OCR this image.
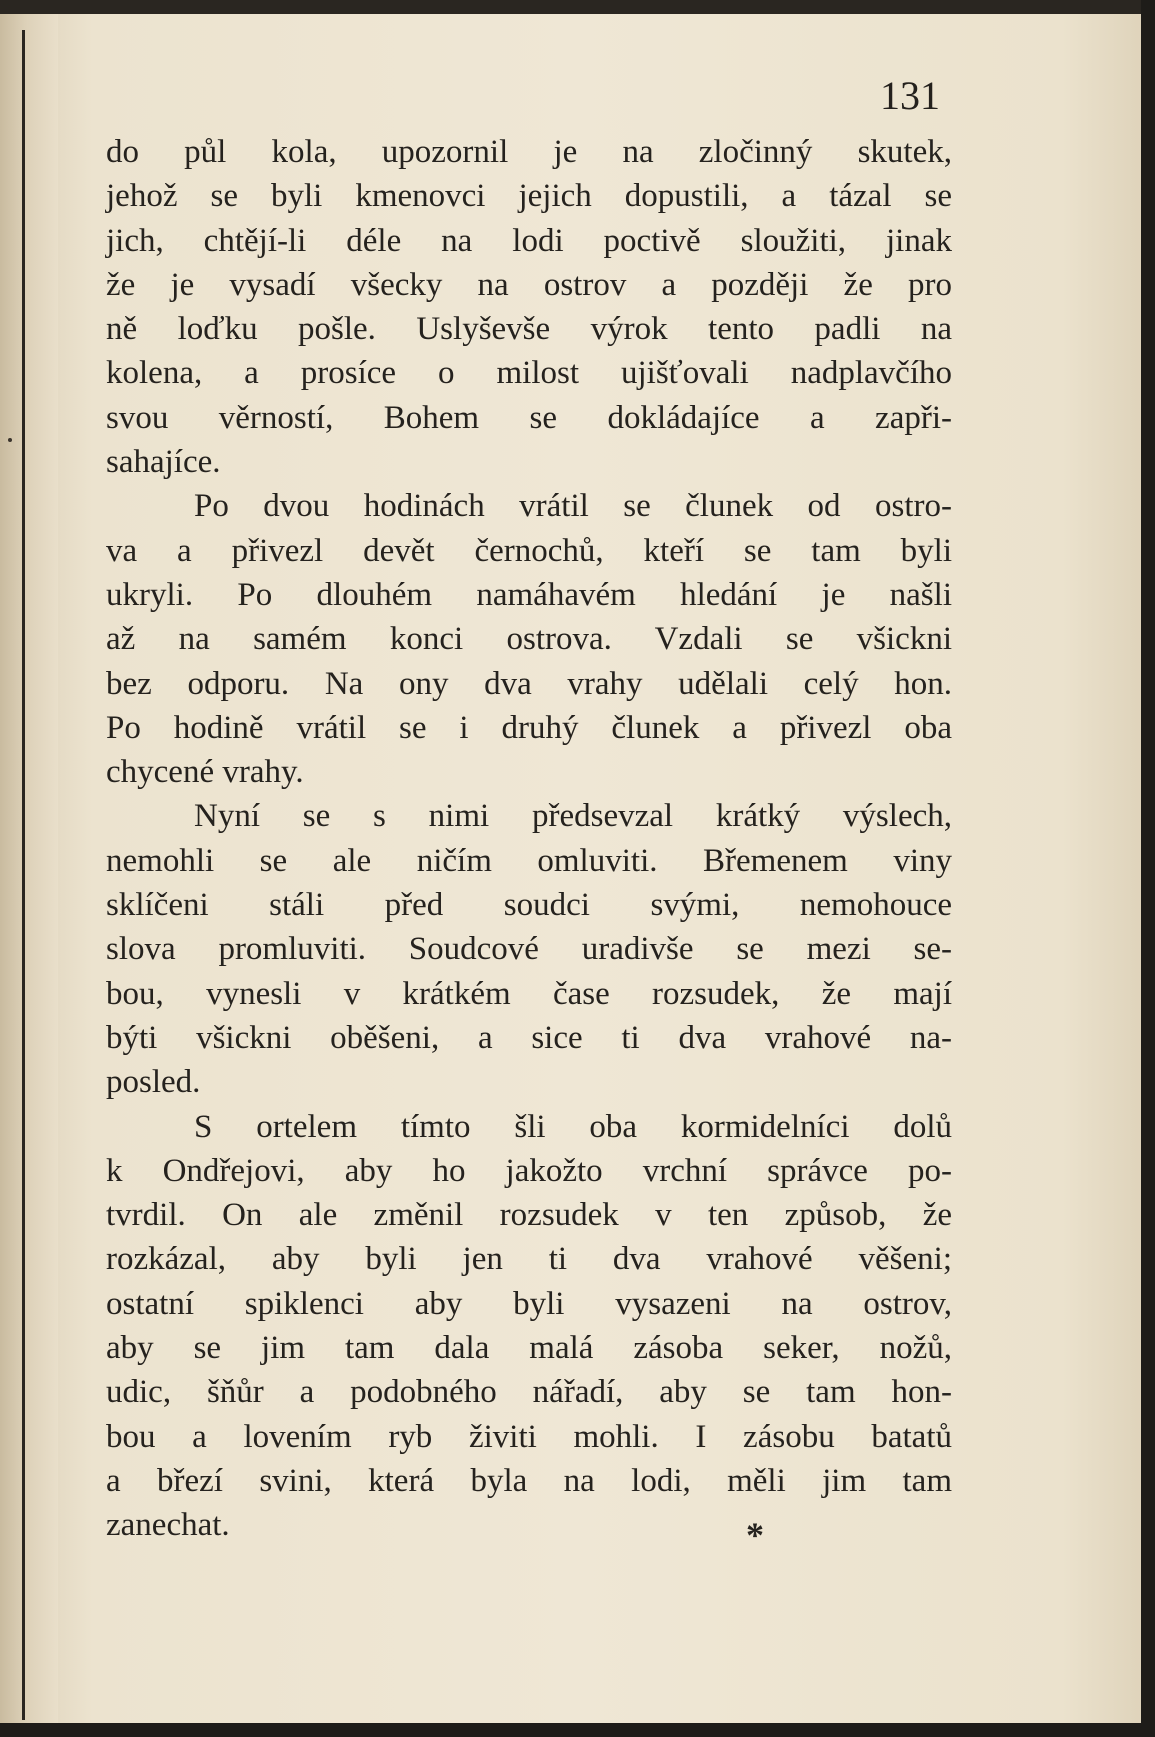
131
do půl kola, upozornil je na zločinný skutek,
jehož se byli kmenovci jejich dopustili, a tázal se
jich, chtějí-li déle na lodi poctivě sloužiti, jinak
že je vysadí všecky na ostrov a později že pro
ně loďku pošle. Uslyševše výrok tento padli na
kolena, a prosíce o milost ujišťovali nadplavčího
svou věrností, Bohem se dokládajíce a zapři-
sahajíce.
Po dvou hodinách vrátil se člunek od ostro-
va a přivezl devět černochů, kteří se tam byli
ukryli. Po dlouhém namáhavém hledání je našli
až na samém konci ostrova. Vzdali se všickni
bez odporu. Na ony dva vrahy udělali celý hon.
Po hodině vrátil se i druhý člunek a přivezl oba
chycené vrahy.
Nyní se s nimi předsevzal krátký výslech,
nemohli se ale ničím omluviti. Břemenem viny
sklíčeni stáli před soudci svými, nemohouce
slova promluviti. Soudcové uradivše se mezi se-
bou, vynesli v krátkém čase rozsudek, že mají
býti všickni oběšeni, a sice ti dva vrahové na-
posled.
S ortelem tímto šli oba kormidelníci dolů
k Ondřejovi, aby ho jakožto vrchní správce po-
tvrdil. On ale změnil rozsudek v ten způsob, že
rozkázal, aby byli jen ti dva vrahové věšeni;
ostatní spiklenci aby byli vysazeni na ostrov,
aby se jim tam dala malá zásoba seker, nožů,
udic, šňůr a podobného nářadí, aby se tam hon-
bou a lovením ryb živiti mohli. I zásobu batatů
a březí svini, která byla na lodi, měli jim tam
zanechat.	*
